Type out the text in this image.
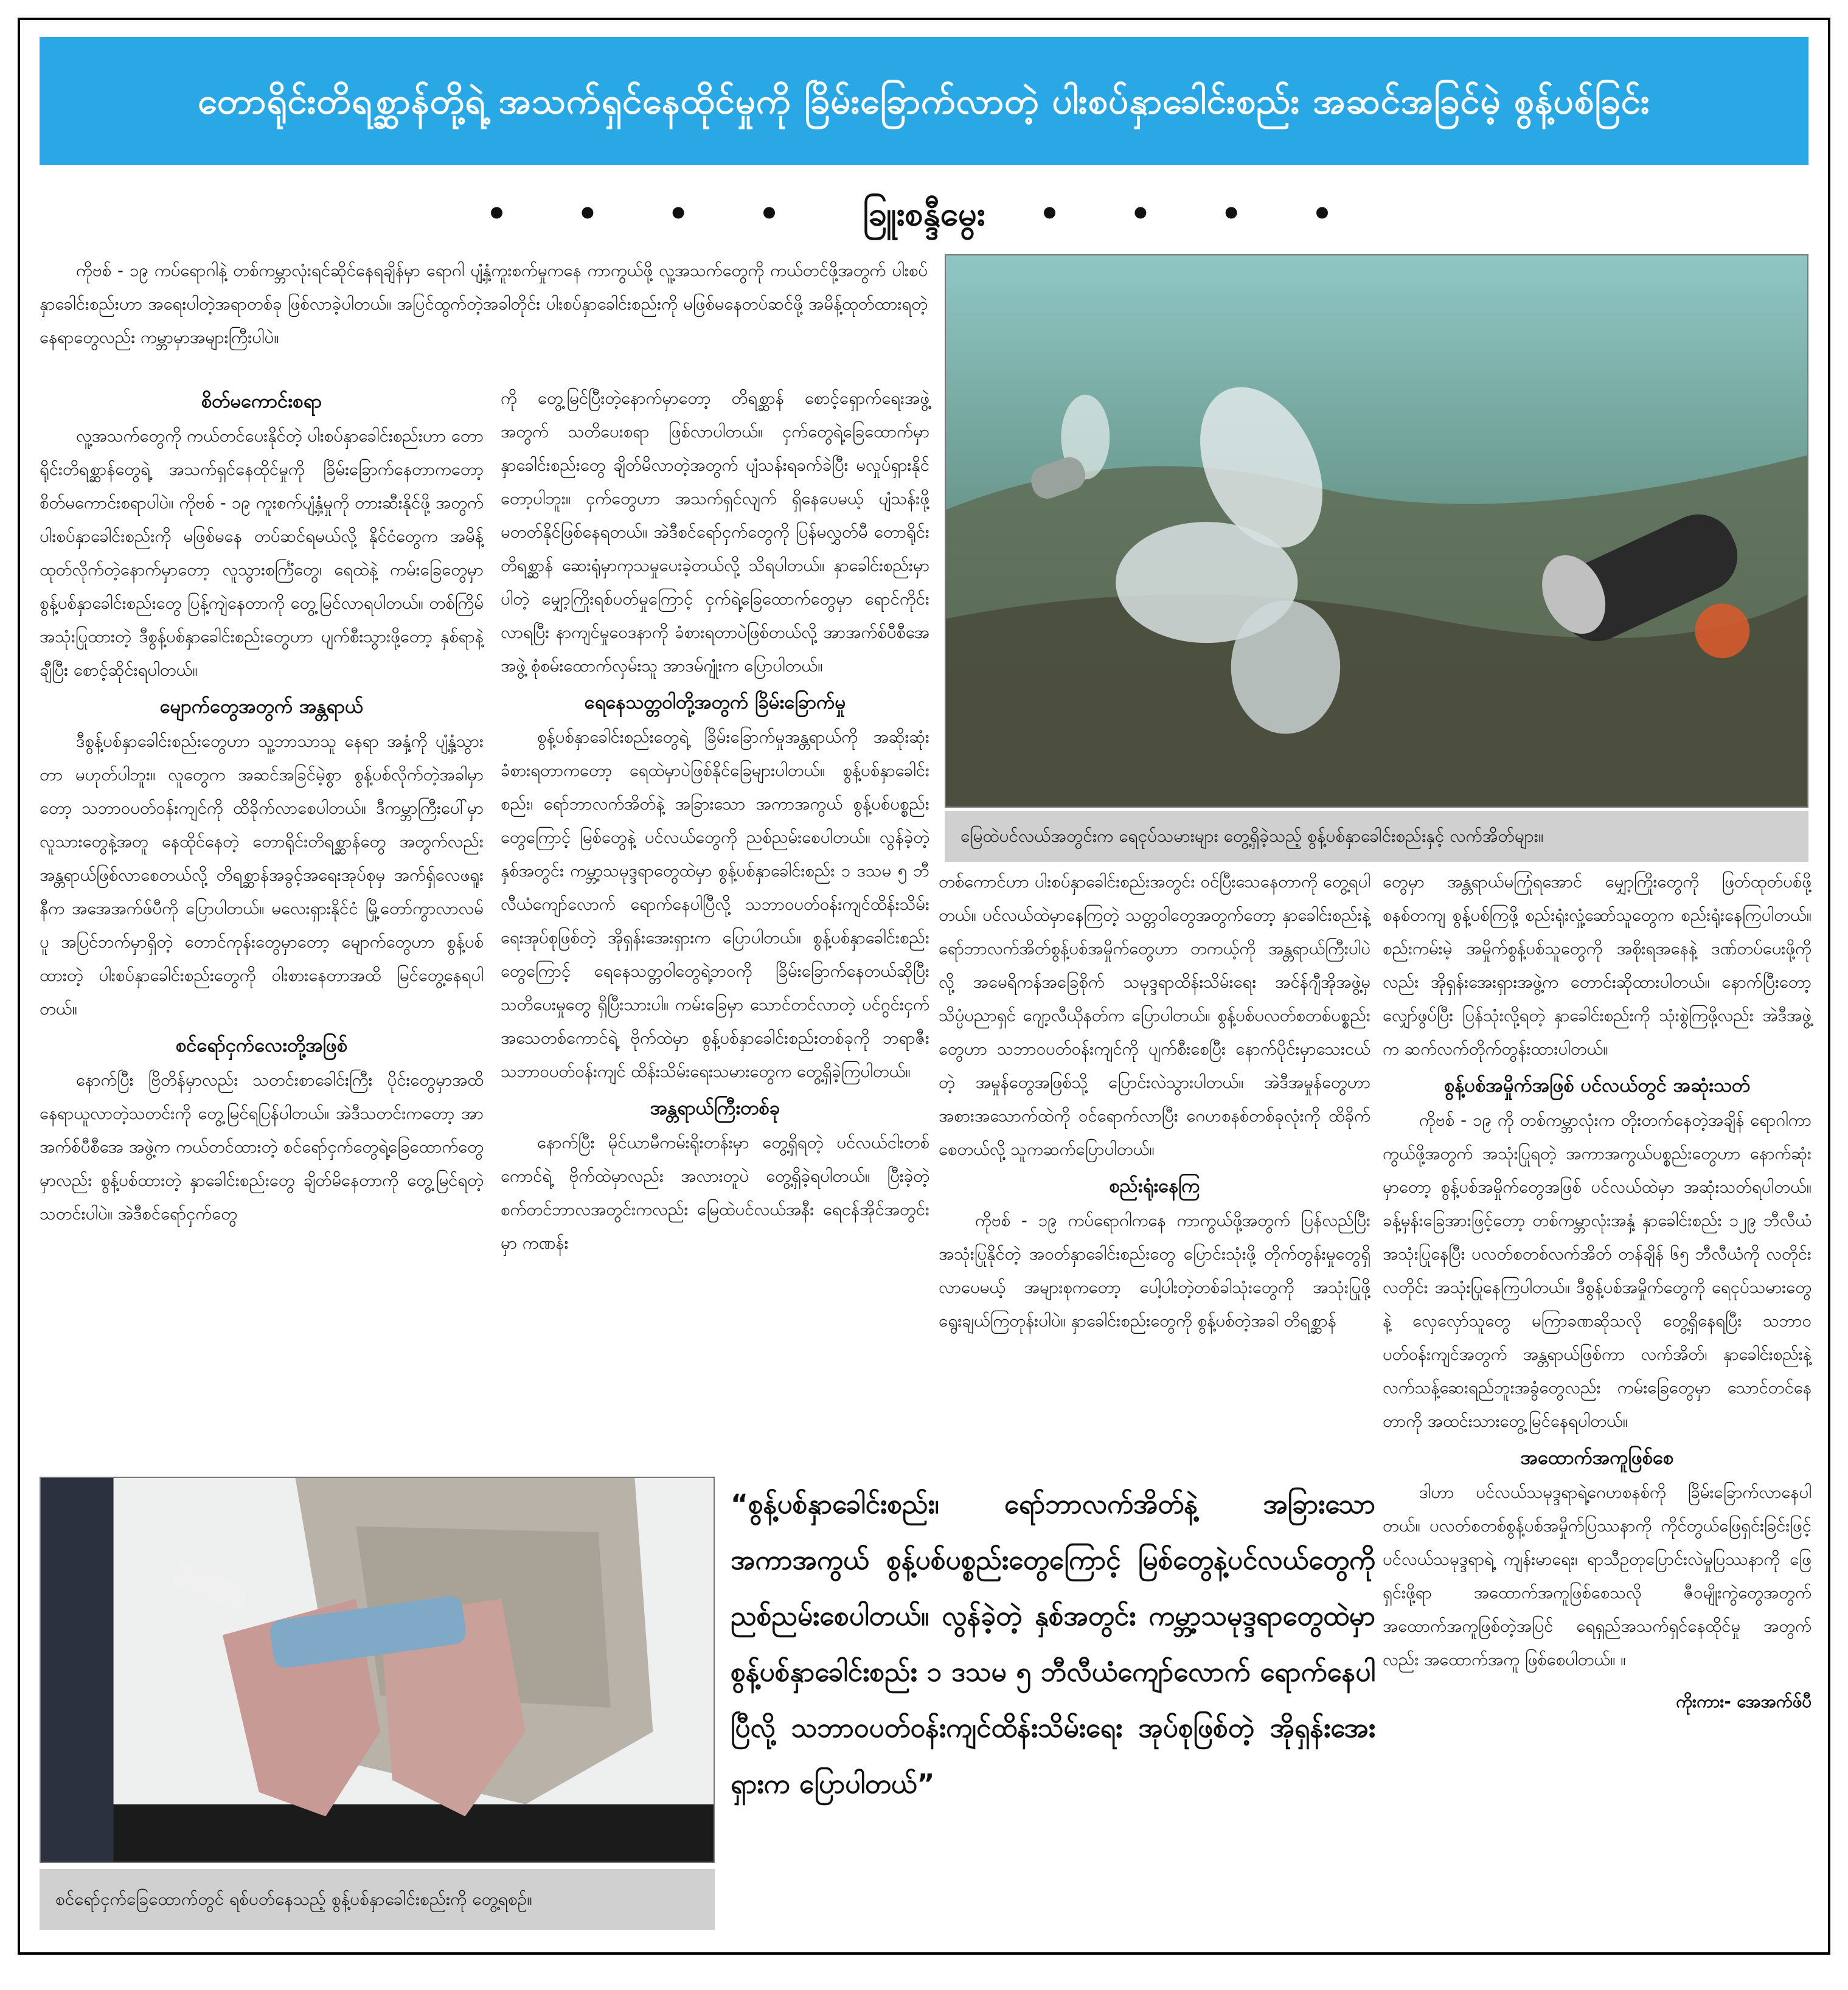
တောရိုင်းတိရစ္ဆာန်တို့ရဲ့ အသက်ရှင်နေထိုင်မှုကို ခြိမ်းခြောက်လာတဲ့ ပါးစပ်နှာခေါင်းစည်း အဆင်အခြင်မဲ့ စွန့်ပစ်ခြင်း
• • • • ခြူးစန္ဒီမွေး • • • •

ကိုဗစ် - ၁၉ ကပ်ရောဂါနဲ့ တစ်ကမ္ဘာလုံးရင်ဆိုင်နေရချိန်မှာ ရောဂါ ပျံ့နှံ့ကူးစက်မှုကနေ ကာကွယ်ဖို့ လူ့အသက်တွေကို ကယ်တင်ဖို့အတွက် ပါးစပ်နှာခေါင်းစည်းဟာ အရေးပါတဲ့အရာတစ်ခု ဖြစ်လာခဲ့ပါတယ်။ အပြင်ထွက်တဲ့အခါတိုင်း ပါးစပ်နှာခေါင်းစည်းကို မဖြစ်မနေတပ်ဆင်ဖို့ အမိန့်ထုတ်ထားရတဲ့နေရာတွေလည်း ကမ္ဘာမှာအများကြီးပါပဲ။

စိတ်မကောင်းစရာ

လူ့အသက်တွေကို ကယ်တင်ပေးနိုင်တဲ့ ပါးစပ်နှာခေါင်းစည်းဟာ တောရိုင်းတိရစ္ဆာန်တွေရဲ့ အသက်ရှင်နေထိုင်မှုကို ခြိမ်းခြောက်နေတာကတော့ စိတ်မကောင်းစရာပါပဲ။ ကိုဗစ် - ၁၉ ကူးစက်ပျံ့နှံ့မှုကို တားဆီးနိုင်ဖို့ အတွက် ပါးစပ်နှာခေါင်းစည်းကို မဖြစ်မနေ တပ်ဆင်ရမယ်လို့ နိုင်ငံတွေက အမိန့်ထုတ်လိုက်တဲ့နောက်မှာတော့ လူသွားစင်္ကြံတွေ၊ ရေထဲနဲ့ ကမ်းခြေတွေမှာ စွန့်ပစ်နှာခေါင်းစည်းတွေ ပြန့်ကျဲနေတာကို တွေ့မြင်လာရပါတယ်။ တစ်ကြိမ်အသုံးပြုထားတဲ့ ဒီစွန့်ပစ်နှာခေါင်းစည်းတွေဟာ ပျက်စီးသွားဖို့တော့ နှစ်ရာနဲ့ချီပြီး စောင့်ဆိုင်းရပါတယ်။

မျောက်တွေအတွက် အန္တရာယ်

ဒီစွန့်ပစ်နှာခေါင်းစည်းတွေဟာ သူ့ဘာသာသူ နေရာ အနှံ့ကို ပျံ့နှံ့သွားတာ မဟုတ်ပါဘူး။ လူတွေက အဆင်အခြင်မဲ့စွာ စွန့်ပစ်လိုက်တဲ့အခါမှာတော့ သဘာဝပတ်ဝန်းကျင်ကို ထိခိုက်လာစေပါတယ်။ ဒီကမ္ဘာကြီးပေါ်မှာ လူသားတွေနဲ့အတူ နေထိုင်နေတဲ့ တောရိုင်းတိရစ္ဆာန်တွေ အတွက်လည်း အန္တရာယ်ဖြစ်လာစေတယ်လို့ တိရစ္ဆာန်အခွင့်အရေးအုပ်စုမှ အက်ရှ်လေဖရူးနီက အအေအက်ဖ်ပီကို ပြောပါတယ်။ မလေးရှားနိုင်ငံ မြို့တော်ကွာလာလမ်ပူ အပြင်ဘက်မှာရှိတဲ့ တောင်ကုန်းတွေမှာတော့ မျောက်တွေဟာ စွန့်ပစ်ထားတဲ့ ပါးစပ်နှာခေါင်းစည်းတွေကို ဝါးစားနေတာအထိ မြင်တွေ့နေရပါတယ်။

စင်ရော်ငှက်လေးတို့အဖြစ်

နောက်ပြီး ဗြိတိန်မှာလည်း သတင်းစာခေါင်းကြီး ပိုင်းတွေမှာအထိ နေရာယူလာတဲ့သတင်းကို တွေ့မြင်ရပြန်ပါတယ်။ အဲဒီသတင်းကတော့ အာအက်စ်ပီစီအေ အဖွဲ့က ကယ်တင်ထားတဲ့ စင်ရော်ငှက်တွေရဲ့ခြေထောက်တွေမှာလည်း စွန့်ပစ်ထားတဲ့ နှာခေါင်းစည်းတွေ ချိတ်မိနေတာကို တွေ့မြင်ရတဲ့သတင်းပါပဲ။ အဲဒီစင်ရော်ငှက်တွေ

ကို တွေ့မြင်ပြီးတဲ့နောက်မှာတော့ တိရစ္ဆာန် စောင့်ရှောက်ရေးအဖွဲ့အတွက် သတိပေးစရာ ဖြစ်လာပါတယ်။ ငှက်တွေရဲ့ခြေထောက်မှာ နှာခေါင်းစည်းတွေ ချိတ်မိလာတဲ့အတွက် ပျံသန်းရခက်ခဲပြီး မလှုပ်ရှားနိုင်တော့ပါဘူး။ ငှက်တွေဟာ အသက်ရှင်လျက် ရှိနေပေမယ့် ပျံသန်းဖို့ မတတ်နိုင်ဖြစ်နေရတယ်။ အဲဒီစင်ရော်ငှက်တွေကို ပြန်မလွှတ်မီ တောရိုင်းတိရစ္ဆာန် ဆေးရုံမှာကုသမှုပေးခဲ့တယ်လို့ သိရပါတယ်။ နှာခေါင်းစည်းမှာပါတဲ့ မျှော့ကြိုးရစ်ပတ်မှုကြောင့် ငှက်ရဲ့ခြေထောက်တွေမှာ ရောင်ကိုင်းလာရပြီး နာကျင်မှုဝေဒနာကို ခံစားရတာပဲဖြစ်တယ်လို့ အာအက်စ်ပီစီအေအဖွဲ့ စုံစမ်းထောက်လှမ်းသူ အာဒမ်ဂျုံးက ပြောပါတယ်။

ရေနေသတ္တဝါတို့အတွက် ခြိမ်းခြောက်မှု

စွန့်ပစ်နှာခေါင်းစည်းတွေရဲ့ ခြိမ်းခြောက်မှုအန္တရာယ်ကို အဆိုးဆုံးခံစားရတာကတော့ ရေထဲမှာပဲဖြစ်နိုင်ခြေများပါတယ်။ စွန့်ပစ်နှာခေါင်းစည်း၊ ရော်ဘာလက်အိတ်နဲ့ အခြားသော အကာအကွယ် စွန့်ပစ်ပစ္စည်းတွေကြောင့် မြစ်တွေနဲ့ ပင်လယ်တွေကို ညစ်ညမ်းစေပါတယ်။ လွန်ခဲ့တဲ့ နှစ်အတွင်း ကမ္ဘာ့သမုဒ္ဒရာတွေထဲမှာ စွန့်ပစ်နှာခေါင်းစည်း ၁ ဒသမ ၅ ဘီလီယံကျော်လောက် ရောက်နေပါပြီလို့ သဘာဝပတ်ဝန်းကျင်ထိန်းသိမ်းရေးအုပ်စုဖြစ်တဲ့ အိုရှန်းအေးရှားက ပြောပါတယ်။ စွန့်ပစ်နှာခေါင်းစည်းတွေကြောင့် ရေနေသတ္တဝါတွေရဲ့ဘဝကို ခြိမ်းခြောက်နေတယ်ဆိုပြီး သတိပေးမှုတွေ ရှိပြီးသားပါ။ ကမ်းခြေမှာ သောင်တင်လာတဲ့ ပင်ဂွင်းငှက်အသေတစ်ကောင်ရဲ့ ဗိုက်ထဲမှာ စွန့်ပစ်နှာခေါင်းစည်းတစ်ခုကို ဘရာဇီး သဘာဝပတ်ဝန်းကျင် ထိန်းသိမ်းရေးသမားတွေက တွေ့ရှိခဲ့ကြပါတယ်။

အန္တရာယ်ကြီးတစ်ခု

နောက်ပြီး မိုင်ယာမီကမ်းရိုးတန်းမှာ တွေ့ရှိရတဲ့ ပင်လယ်ငါးတစ်ကောင်ရဲ့ ဗိုက်ထဲမှာလည်း အလားတူပဲ တွေ့ရှိခဲ့ရပါတယ်။ ပြီးခဲ့တဲ့ စက်တင်ဘာလအတွင်းကလည်း မြေထဲပင်လယ်အနီး ရေငန်အိုင်အတွင်းမှာ ကဏန်း

မြေထဲပင်လယ်အတွင်းက ရေငုပ်သမားများ တွေ့ရှိခဲ့သည့် စွန့်ပစ်နှာခေါင်းစည်းနှင့် လက်အိတ်များ။

တစ်ကောင်ဟာ ပါးစပ်နှာခေါင်းစည်းအတွင်း ဝင်ပြီးသေနေတာကို တွေ့ရပါတယ်။ ပင်လယ်ထဲမှာနေကြတဲ့ သတ္တဝါတွေအတွက်တော့ နှာခေါင်းစည်းနဲ့ ရော်ဘာလက်အိတ်စွန့်ပစ်အမှိုက်တွေဟာ တကယ့်ကို အန္တရာယ်ကြီးပါပဲလို့ အမေရိကန်အခြေစိုက် သမုဒ္ဒရာထိန်းသိမ်းရေး အင်န်ဂျီအိုအဖွဲ့မှ သိပ္ပံပညာရှင် ဂျော့လီယိုနတ်က ပြောပါတယ်။ စွန့်ပစ်ပလတ်စတစ်ပစ္စည်းတွေဟာ သဘာဝပတ်ဝန်းကျင်ကို ပျက်စီးစေပြီး နောက်ပိုင်းမှာသေးငယ်တဲ့ အမှုန်တွေအဖြစ်သို့ ပြောင်းလဲသွားပါတယ်။ အဲဒီအမှုန်တွေဟာ အစားအသောက်ထဲကို ဝင်ရောက်လာပြီး ဂေဟစနစ်တစ်ခုလုံးကို ထိခိုက်စေတယ်လို့ သူကဆက်ပြောပါတယ်။

စည်းရုံးနေကြ

ကိုဗစ် - ၁၉ ကပ်ရောဂါကနေ ကာကွယ်ဖို့အတွက် ပြန်လည်ပြီးအသုံးပြုနိုင်တဲ့ အဝတ်နှာခေါင်းစည်းတွေ ပြောင်းသုံးဖို့ တိုက်တွန်းမှုတွေရှိလာပေမယ့် အများစုကတော့ ပေါ့ပါးတဲ့တစ်ခါသုံးတွေကို အသုံးပြုဖို့ ရွေးချယ်ကြတုန်းပါပဲ။ နှာခေါင်းစည်းတွေကို စွန့်ပစ်တဲ့အခါ တိရစ္ဆာန်

တွေမှာ အန္တရာယ်မကြုံရအောင် မျှော့ကြိုးတွေကို ဖြတ်ထုတ်ပစ်ဖို့ စနစ်တကျ စွန့်ပစ်ကြဖို့ စည်းရုံးလှုံ့ဆော်သူတွေက စည်းရုံးနေကြပါတယ်။ စည်းကမ်းမဲ့ အမှိုက်စွန့်ပစ်သူတွေကို အစိုးရအနေနဲ့ ဒဏ်တပ်ပေးဖို့ကိုလည်း အိုရှန်းအေးရှားအဖွဲ့က တောင်းဆိုထားပါတယ်။ နောက်ပြီးတော့ လျှော်ဖွပ်ပြီး ပြန်သုံးလို့ရတဲ့ နှာခေါင်းစည်းကို သုံးစွဲကြဖို့လည်း အဲဒီအဖွဲ့က ဆက်လက်တိုက်တွန်းထားပါတယ်။

စွန့်ပစ်အမှိုက်အဖြစ် ပင်လယ်တွင် အဆုံးသတ်

ကိုဗစ် - ၁၉ ကို တစ်ကမ္ဘာလုံးက တိုးတက်နေတဲ့အချိန် ရောဂါကာကွယ်ဖို့အတွက် အသုံးပြုရတဲ့ အကာအကွယ်ပစ္စည်းတွေဟာ နောက်ဆုံးမှာတော့ စွန့်ပစ်အမှိုက်တွေအဖြစ် ပင်လယ်ထဲမှာ အဆုံးသတ်ရပါတယ်။ ခန့်မှန်းခြေအားဖြင့်တော့ တစ်ကမ္ဘာလုံးအနှံ့ နှာခေါင်းစည်း ၁၂၉ ဘီလီယံအသုံးပြုနေပြီး ပလတ်စတစ်လက်အိတ် တန်ချိန် ၆၅ ဘီလီယံကို လတိုင်း လတိုင်း အသုံးပြုနေကြပါတယ်။ ဒီစွန့်ပစ်အမှိုက်တွေကို ရေငုပ်သမားတွေနဲ့ လှေလှော်သူတွေ မကြာခဏဆိုသလို တွေ့ရှိနေရပြီး သဘာဝပတ်ဝန်းကျင်အတွက် အန္တရာယ်ဖြစ်ကာ လက်အိတ်၊ နှာခေါင်းစည်းနဲ့ လက်သန့်ဆေးရည်ဘူးအခွံတွေလည်း ကမ်းခြေတွေမှာ သောင်တင်နေတာကို အထင်းသားတွေ့မြင်နေရပါတယ်။

အထောက်အကူဖြစ်စေ

ဒါဟာ ပင်လယ်သမုဒ္ဒရာရဲ့ဂေဟစနစ်ကို ခြိမ်းခြောက်လာနေပါတယ်။ ပလတ်စတစ်စွန့်ပစ်အမှိုက်ပြဿနာကို ကိုင်တွယ်ဖြေရှင်းခြင်းဖြင့် ပင်လယ်သမုဒ္ဒရာရဲ့ ကျန်းမာရေး၊ ရာသီဥတုပြောင်းလဲမှုပြဿနာကို ဖြေရှင်းဖို့ရာ အထောက်အကူဖြစ်စေသလို ဇီဝမျိုးကွဲတွေအတွက် အထောက်အကူဖြစ်တဲ့အပြင် ရေရှည်အသက်ရှင်နေထိုင်မှု အတွက်လည်း အထောက်အကူ ဖြစ်စေပါတယ်။ ။

ကိုးကား- အေအက်ဖ်ပီ
စင်ရော်ငှက်ခြေထောက်တွင် ရစ်ပတ်နေသည့် စွန့်ပစ်နှာခေါင်းစည်းကို တွေ့ရစဉ်။
“စွန့်ပစ်နှာခေါင်းစည်း၊ ရော်ဘာလက်အိတ်နဲ့ အခြားသောအကာအကွယ် စွန့်ပစ်ပစ္စည်းတွေကြောင့် မြစ်တွေနဲ့ပင်လယ်တွေကို ညစ်ညမ်းစေပါတယ်။ လွန်ခဲ့တဲ့ နှစ်အတွင်း ကမ္ဘာ့သမုဒ္ဒရာတွေထဲမှာ စွန့်ပစ်နှာခေါင်းစည်း ၁ ဒသမ ၅ ဘီလီယံကျော်လောက် ရောက်နေပါပြီလို့ သဘာဝပတ်ဝန်းကျင်ထိန်းသိမ်းရေး အုပ်စုဖြစ်တဲ့ အိုရှန်းအေးရှားက ပြောပါတယ်”
